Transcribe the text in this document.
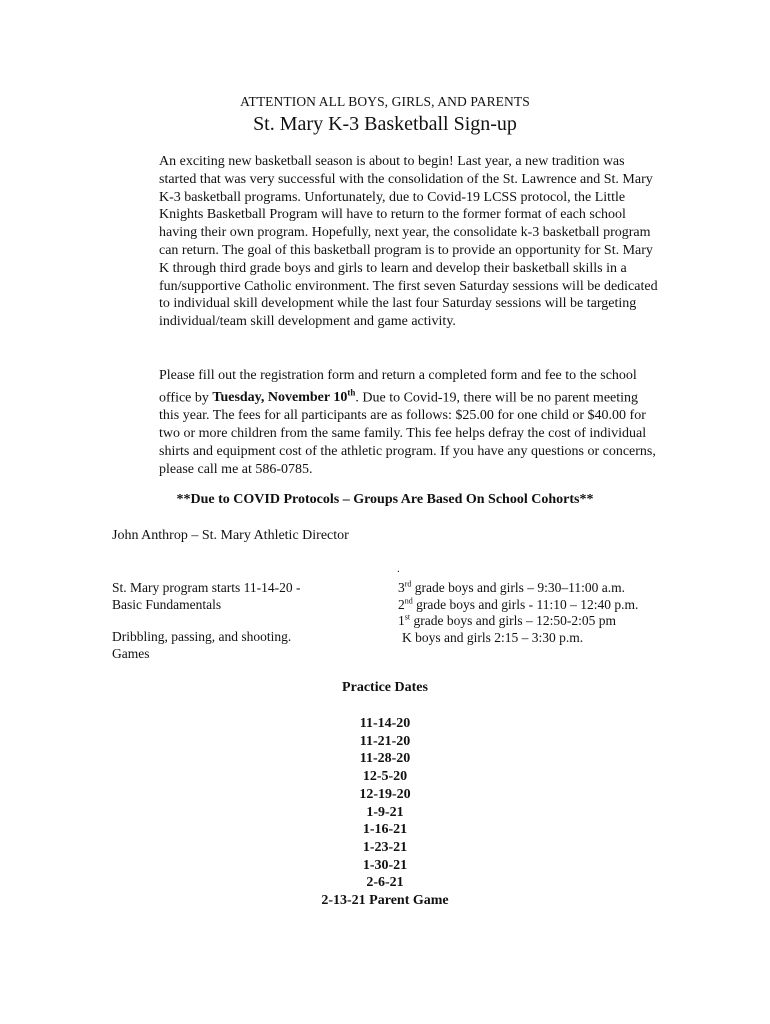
ATTENTION ALL BOYS, GIRLS, AND PARENTS
St. Mary K-3 Basketball Sign-up

An exciting new basketball season is about to begin! Last year, a new tradition was started that was very successful with the consolidation of the St. Lawrence and St. Mary K-3 basketball programs. Unfortunately, due to Covid-19 LCSS protocol, the Little Knights Basketball Program will have to return to the former format of each school having their own program. Hopefully, next year, the consolidate k-3 basketball program can return. The goal of this basketball program is to provide an opportunity for St. Mary K through third grade boys and girls to learn and develop their basketball skills in a fun/supportive Catholic environment. The first seven Saturday sessions will be dedicated to individual skill development while the last four Saturday sessions will be targeting individual/team skill development and game activity.

Please fill out the registration form and return a completed form and fee to the school office by Tuesday, November 10th. Due to Covid-19, there will be no parent meeting this year. The fees for all participants are as follows: $25.00 for one child or $40.00 for two or more children from the same family. This fee helps defray the cost of individual shirts and equipment cost of the athletic program. If you have any questions or concerns, please call me at 586-0785.

**Due to COVID Protocols – Groups Are Based On School Cohorts**
John Anthrop – St. Mary Athletic Director
.
St. Mary program starts 11-14-20 -
Basic Fundamentals
Dribbling, passing, and shooting.
Games
3rd grade boys and girls – 9:30–11:00 a.m.
2nd grade boys and girls - 11:10 – 12:40 p.m.
1st grade boys and girls – 12:50-2:05 pm
K boys and girls 2:15 – 3:30 p.m.
Practice Dates
11-14-20
11-21-20
11-28-20
12-5-20
12-19-20
1-9-21
1-16-21
1-23-21
1-30-21
2-6-21
2-13-21 Parent Game
